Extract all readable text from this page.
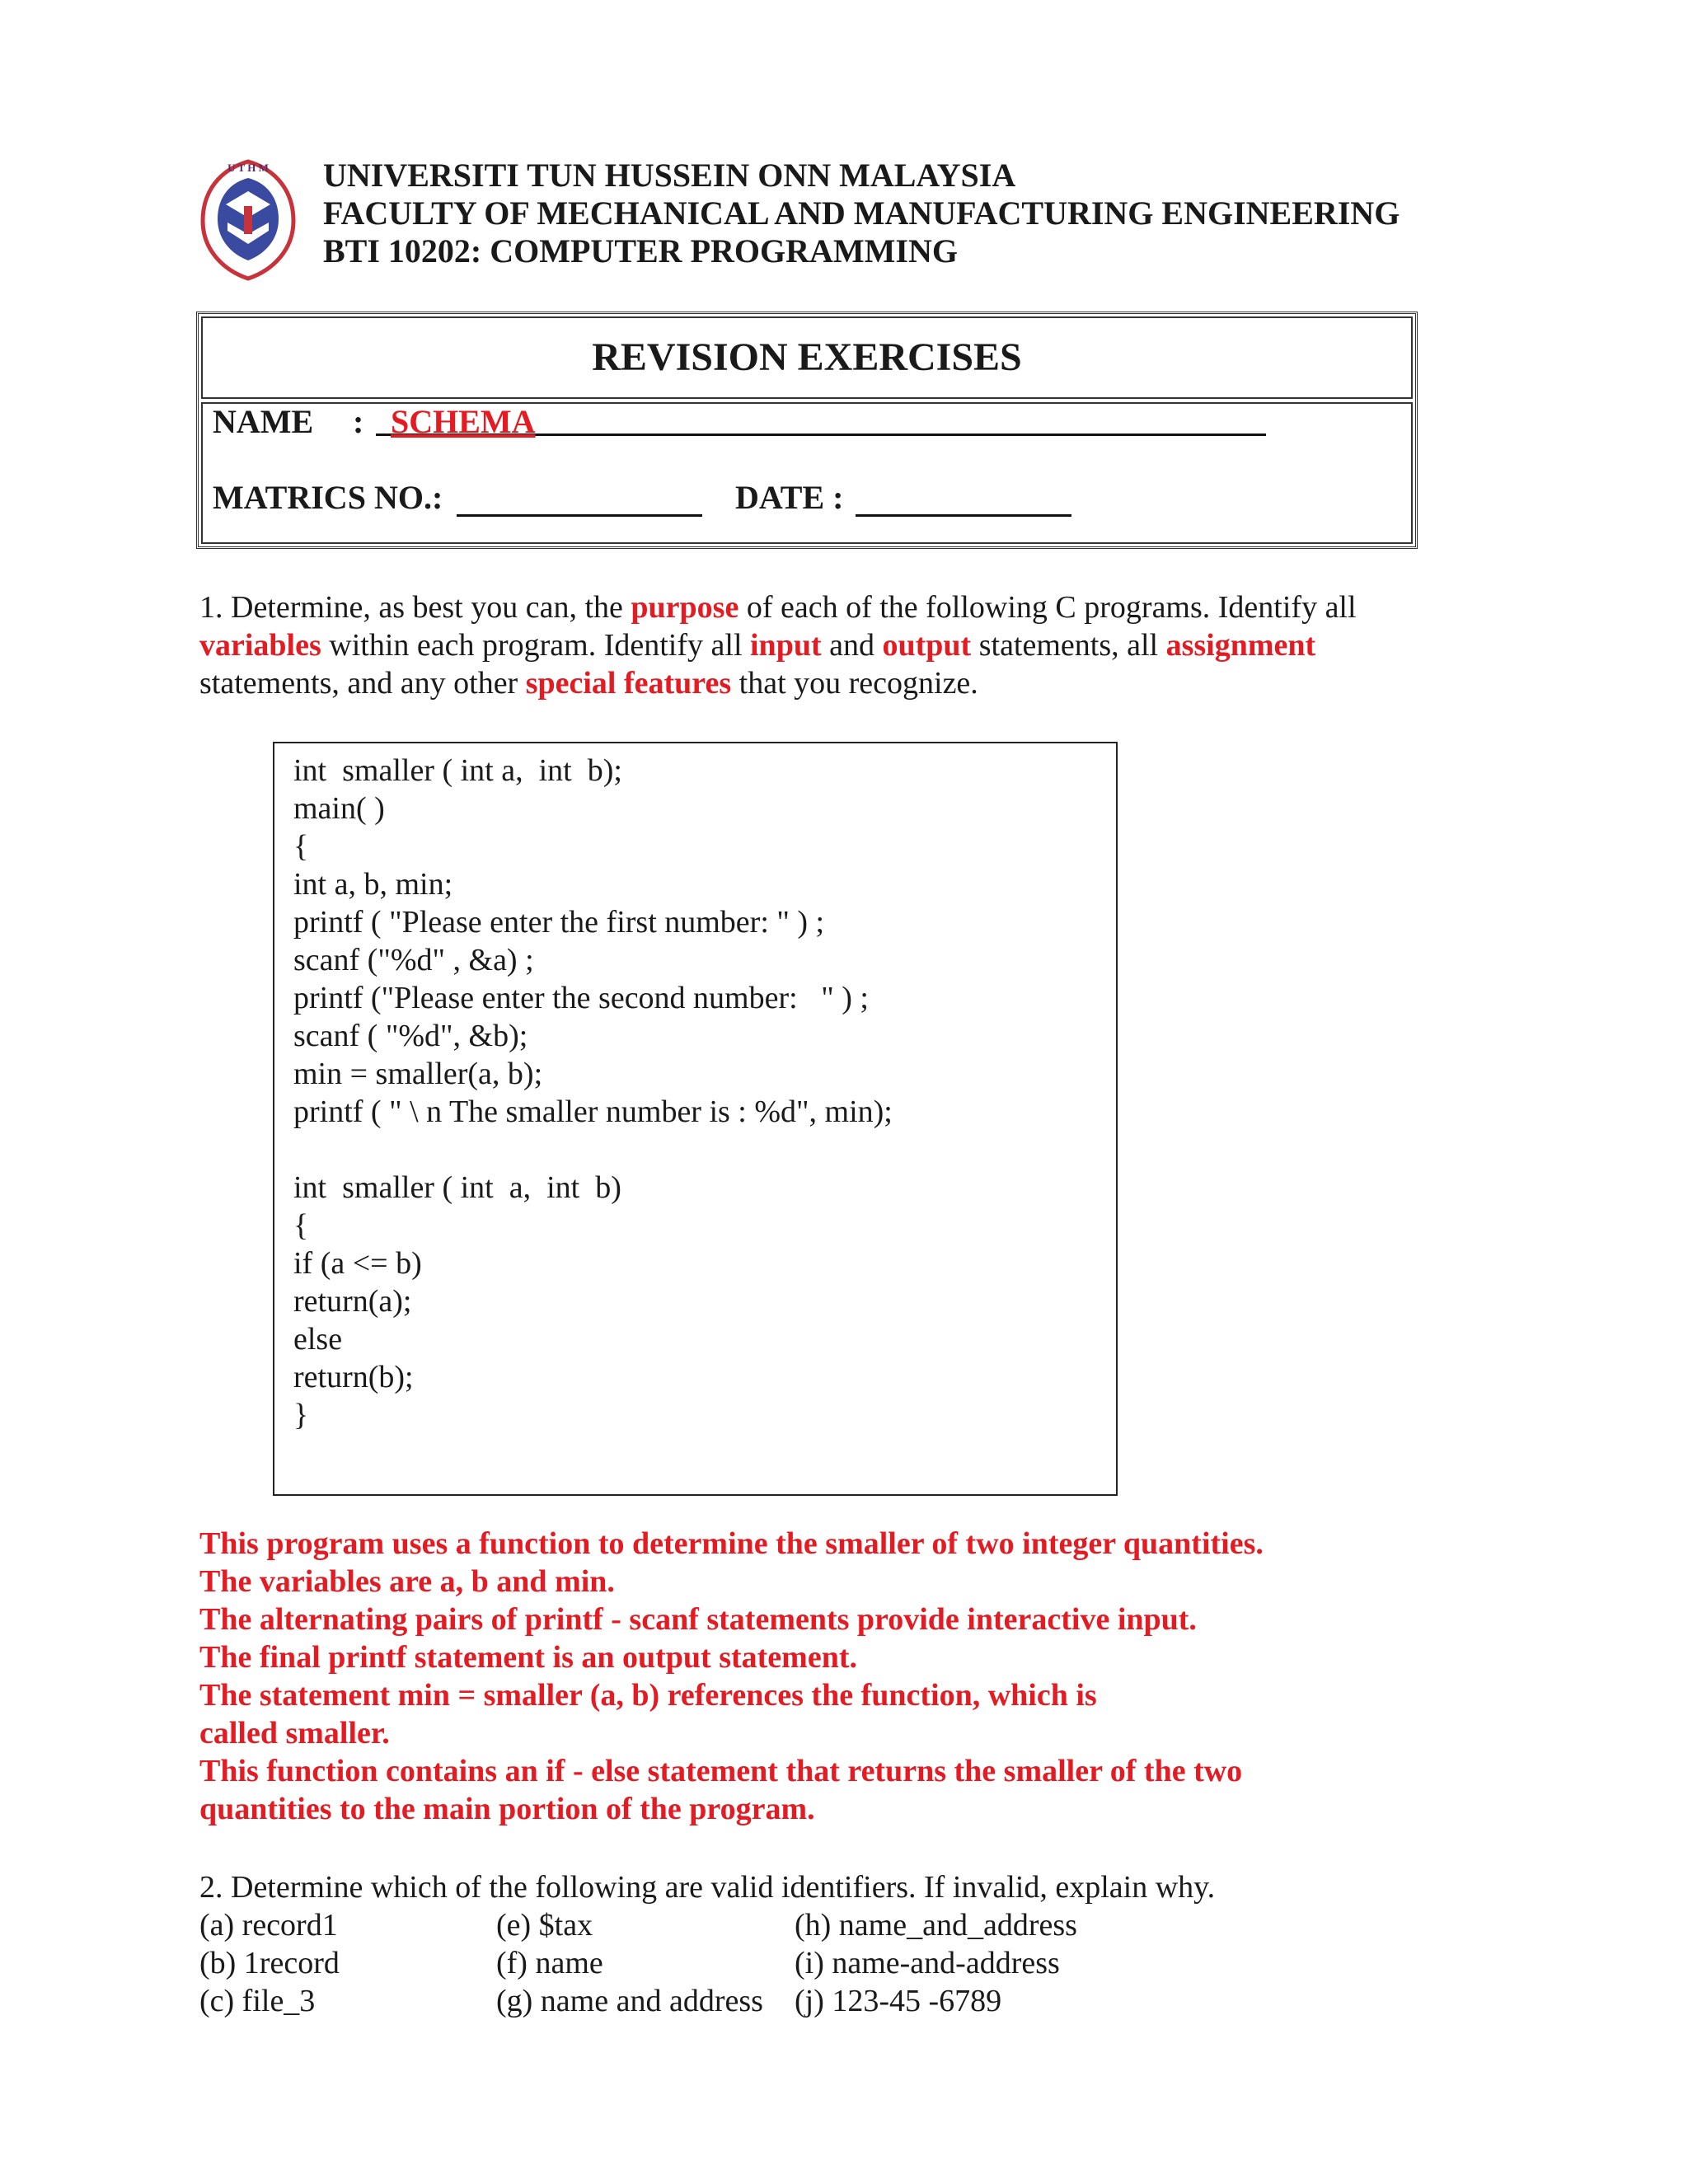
U T H M UNIVERSITI TUN HUSSEIN ONN MALAYSIA
FACULTY OF MECHANICAL AND MANUFACTURING ENGINEERING
BTI 10202: COMPUTER PROGRAMMING
REVISION EXERCISES
NAME : SCHEMA
MATRICS NO.:	DATE :
1. Determine, as best you can, the purpose of each of the following C programs. Identify all
variables within each program. Identify all input and output statements, all assignment
statements, and any other special features that you recognize.
int  smaller ( int a,  int  b);
main( )
{
int a, b, min;
printf ( "Please enter the first number: " ) ;
scanf ("%d" , &a) ;
printf ("Please enter the second number:   " ) ;
scanf ( "%d", &b);
min = smaller(a, b);
printf ( " \ n The smaller number is : %d", min);
int  smaller ( int  a,  int  b)
{
if (a <= b)
return(a);
else
return(b);
}
This program uses a function to determine the smaller of two integer quantities.
The variables are a, b and min.
The alternating pairs of printf - scanf statements provide interactive input.
The final printf statement is an output statement.
The statement min = smaller (a, b) references the function, which is
called smaller.
This function contains an if - else statement that returns the smaller of the two
quantities to the main portion of the program.
2. Determine which of the following are valid identifiers. If invalid, explain why.
(a) record1
(b) 1record
(c) file_3
(e) $tax
(f) name
(g) name and address
(h) name_and_address
(i) name-and-address
(j) 123-45 -6789
